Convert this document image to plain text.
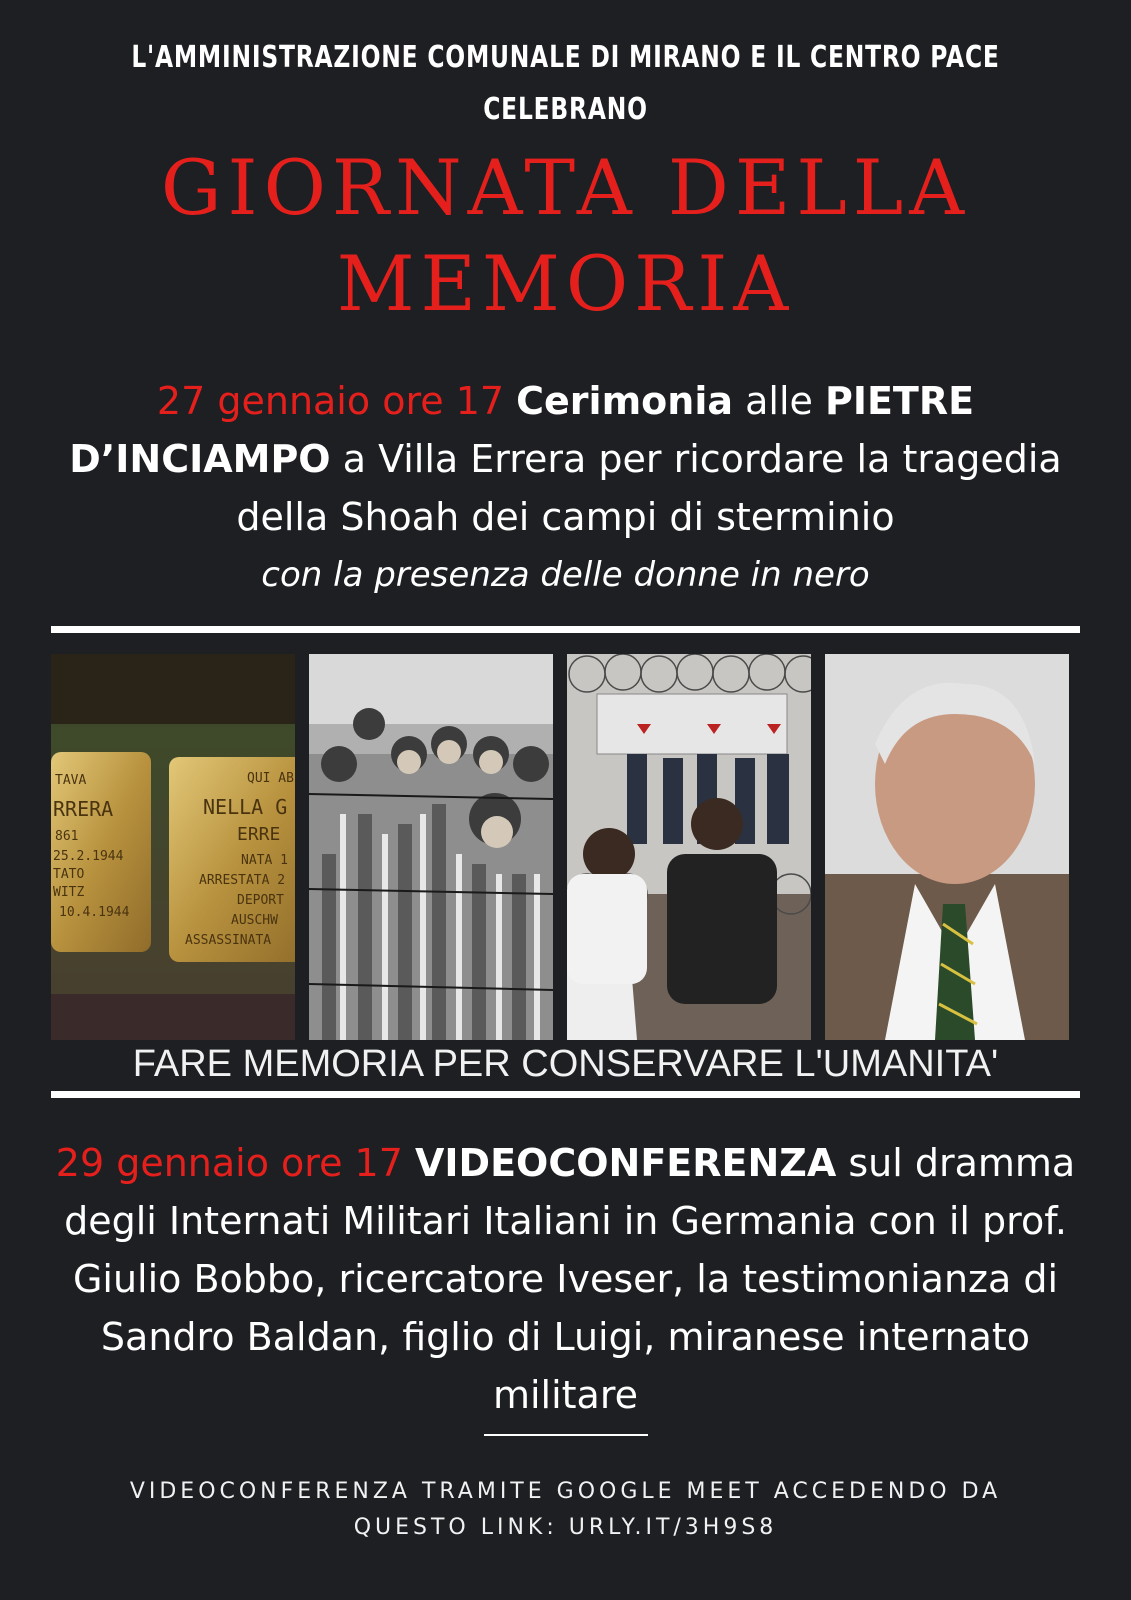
L'AMMINISTRAZIONE COMUNALE DI MIRANO E IL CENTRO PACE
CELEBRANO
GIORNATA DELLA
MEMORIA
27 gennaio ore 17 Cerimonia alle PIETRE
D’INCIAMPO a Villa Errera per ricordare la tragedia
della Shoah dei campi di sterminio
con la presenza delle donne in nero
TAVA
RRERA
861
25.2.1944
TATO
WITZ
10.4.1944
QUI AB
NELLA G
ERRE
NATA 1
ARRESTATA 2
DEPORT
AUSCHW
ASSASSINATA
FARE MEMORIA PER CONSERVARE L'UMANITA'
29 gennaio ore 17 VIDEOCONFERENZA sul dramma
degli Internati Militari Italiani in Germania con il prof.
Giulio Bobbo, ricercatore Iveser, la testimonianza di
Sandro Baldan, figlio di Luigi, miranese internato
militare
VIDEOCONFERENZA TRAMITE GOOGLE MEET ACCEDENDO DA
QUESTO LINK: URLY.IT/3H9S8
